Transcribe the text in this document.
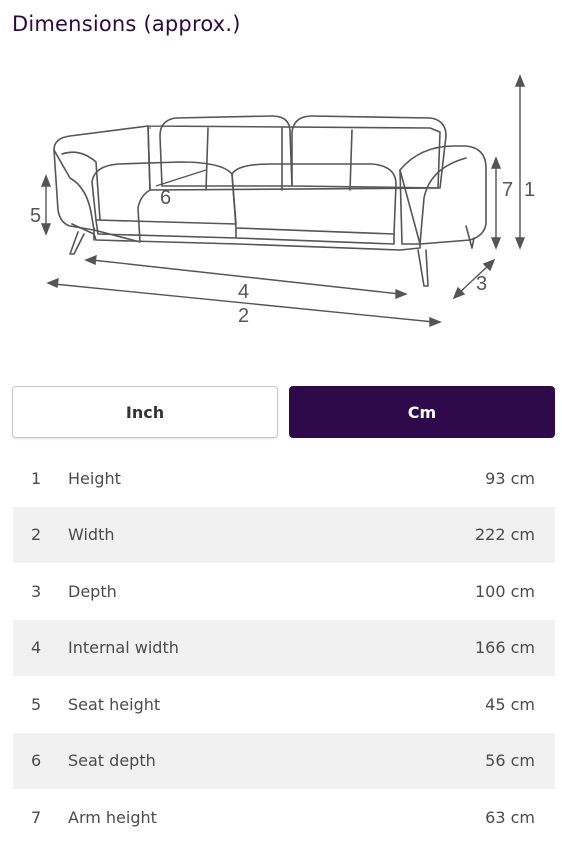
Dimensions (approx.)
1
2
3
4
5
6	7
Inch	Cm
1	Height	93 cm
2	Width	222 cm
3	Depth	100 cm
4	Internal width	166 cm
5	Seat height	45 cm
6	Seat depth	56 cm
7	Arm height	63 cm
